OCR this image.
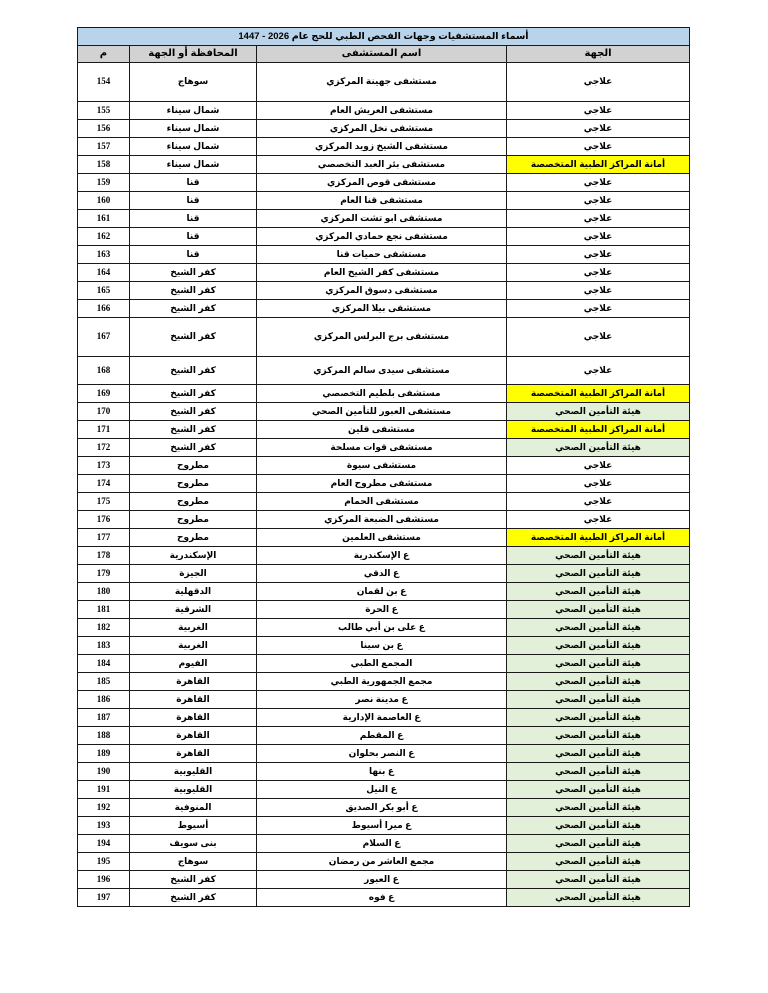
أسماء المستشفيات وجهات الفحص الطبي للحج عام 2026 - 1447			
الجهة	اسم المستشفى	المحافظة أو الجهة	م
علاجي	مستشفى جهينة المركزي	سوهاج	154
علاجي	مستشفى العريش العام	شمال سيناء	155
علاجي	مستشفى نخل المركزي	شمال سيناء	156
علاجي	مستشفى الشيخ زويد المركزي	شمال سيناء	157
أمانة المراكز الطبية المتخصصة	مستشفى بئر العبد التخصصي	شمال سيناء	158
علاجي	مستشفى قوص المركزي	قنا	159
علاجي	مستشفى قنا العام	قنا	160
علاجي	مستشفى ابو تشت المركزي	قنا	161
علاجي	مستشفى نجع حمادي المركزي	قنا	162
علاجي	مستشفى حميات قنا	قنا	163
علاجي	مستشفى كفر الشيخ العام	كفر الشيخ	164
علاجي	مستشفى دسوق المركزي	كفر الشيخ	165
علاجي	مستشفى بيلا المركزي	كفر الشيخ	166
علاجي	مستشفى برج البرلس المركزي	كفر الشيخ	167
علاجي	مستشفى سيدى سالم المركزي	كفر الشيخ	168
أمانة المراكز الطبية المتخصصة	مستشفى بلطيم التخصصي	كفر الشيخ	169
هيئة التأمين الصحي	مستشفى العبور للتأمين الصحي	كفر الشيخ	170
أمانة المراكز الطبية المتخصصة	مستشفى قلين	كفر الشيخ	171
هيئة التأمين الصحي	مستشفى قوات مسلحة	كفر الشيخ	172
علاجي	مستشفى سيوة	مطروح	173
علاجي	مستشفى مطروح العام	مطروح	174
علاجي	مستشفى الحمام	مطروح	175
علاجي	مستشفى الضبعة المركزي	مطروح	176
أمانة المراكز الطبية المتخصصة	مستشفى العلمين	مطروح	177
هيئة التأمين الصحي	ع الإسكندرية	الإسكندرية	178
هيئة التأمين الصحي	ع الدقي	الجيزة	179
هيئة التأمين الصحي	ع بن لقمان	الدقهلية	180
هيئة التأمين الصحي	ع الحرة	الشرقية	181
هيئة التأمين الصحي	ع على بن أبي طالب	الغربية	182
هيئة التأمين الصحي	ع بن سينا	الغربية	183
هيئة التأمين الصحي	المجمع الطبي	الفيوم	184
هيئة التأمين الصحي	مجمع الجمهورية الطبي	القاهرة	185
هيئة التأمين الصحي	ع مدينة نصر	القاهرة	186
هيئة التأمين الصحي	ع العاصمة الإدارية	القاهرة	187
هيئة التأمين الصحي	ع المقطم	القاهرة	188
هيئة التأمين الصحي	ع النصر بحلوان	القاهرة	189
هيئة التأمين الصحي	ع بنها	القليوبية	190
هيئة التأمين الصحي	ع النيل	القليوبية	191
هيئة التأمين الصحي	ع أبو بكر الصديق	المنوفية	192
هيئة التأمين الصحي	ع ميرا أسيوط	أسيوط	193
هيئة التأمين الصحي	ع السلام	بنى سويف	194
هيئة التأمين الصحي	مجمع العاشر من رمضان	سوهاج	195
هيئة التأمين الصحي	ع العبور	كفر الشيخ	196
هيئة التأمين الصحي	ع فوه	كفر الشيخ	197
